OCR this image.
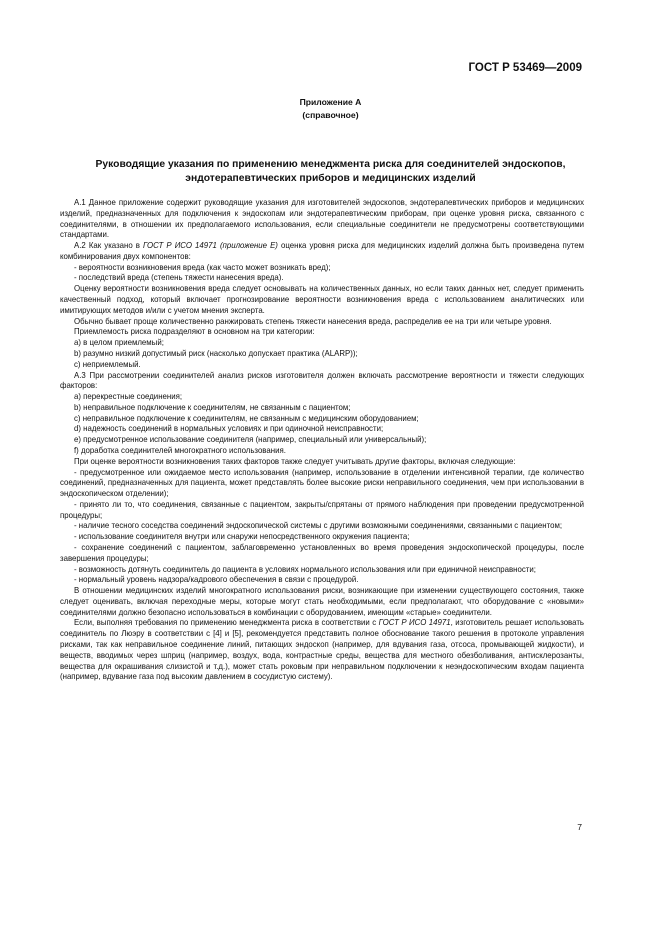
ГОСТ Р 53469—2009
Приложение А
(справочное)
Руководящие указания по применению менеджмента риска для соединителей эндоскопов,
эндотерапевтических приборов и медицинских изделий

А.1 Данное приложение содержит руководящие указания для изготовителей эндоскопов, эндотерапевтических приборов и медицинских изделий, предназначенных для подключения к эндоскопам или эндотерапевтическим приборам, при оценке уровня риска, связанного с соединителями, в отношении их предполагаемого использования, если специальные соединители не предусмотрены соответствующими стандартами.

А.2 Как указано в ГОСТ Р ИСО 14971 (приложение Е) оценка уровня риска для медицинских изделий должна быть произведена путем комбинирования двух компонентов:

- вероятности возникновения вреда (как часто может возникать вред);

- последствий вреда (степень тяжести нанесения вреда).

Оценку вероятности возникновения вреда следует основывать на количественных данных, но если таких данных нет, следует применить качественный подход, который включает прогнозирование вероятности возникновения вреда с использованием аналитических или имитирующих методов и/или с учетом мнения эксперта.

Обычно бывает проще количественно ранжировать степень тяжести нанесения вреда, распределив ее на три или четыре уровня.

Приемлемость риска подразделяют в основном на три категории:

а) в целом приемлемый;

b) разумно низкий допустимый риск (насколько допускает практика (ALARP));

с) неприемлемый.

А.3 При рассмотрении соединителей анализ рисков изготовителя должен включать рассмотрение вероятности и тяжести следующих факторов:

а) перекрестные соединения;

b) неправильное подключение к соединителям, не связанным с пациентом;

с) неправильное подключение к соединителям, не связанным с медицинским оборудованием;

d) надежность соединений в нормальных условиях и при одиночной неисправности;

е) предусмотренное использование соединителя (например, специальный или универсальный);

f) доработка соединителей многократного использования.

При оценке вероятности возникновения таких факторов также следует учитывать другие факторы, включая следующие:

- предусмотренное или ожидаемое место использования (например, использование в отделении интенсивной терапии, где количество соединений, предназначенных для пациента, может представлять более высокие риски неправильного соединения, чем при использовании в эндоскопическом отделении);

- принято ли то, что соединения, связанные с пациентом, закрыты/спрятаны от прямого наблюдения при проведении предусмотренной процедуры;

- наличие тесного соседства соединений эндоскопической системы с другими возможными соединениями, связанными с пациентом;

- использование соединителя внутри или снаружи непосредственного окружения пациента;

- сохранение соединений с пациентом, заблаговременно установленных во время проведения эндоскопической процедуры, после завершения процедуры;

- возможность дотянуть соединитель до пациента в условиях нормального использования или при единичной неисправности;

- нормальный уровень надзора/кадрового обеспечения в связи с процедурой.

В отношении медицинских изделий многократного использования риски, возникающие при изменении существующего состояния, также следует оценивать, включая переходные меры, которые могут стать необходимыми, если предполагают, что оборудование с «новыми» соединителями должно безопасно использоваться в комбинации с оборудованием, имеющим «старые» соединители.

Если, выполняя требования по применению менеджмента риска в соответствии с ГОСТ Р ИСО 14971, изготовитель решает использовать соединитель по Люэру в соответствии с [4] и [5], рекомендуется представить полное обоснование такого решения в протоколе управления рисками, так как неправильное соединение линий, питающих эндоскоп (например, для вдувания газа, отсоса, промывающей жидкости), и веществ, вводимых через шприц (например, воздух, вода, контрастные среды, вещества для местного обезболивания, антисклерозанты, вещества для окрашивания слизистой и т.д.), может стать роковым при неправильном подключении к неэндоскопическим входам пациента (например, вдувание газа под высоким давлением в сосудистую систему).

7
